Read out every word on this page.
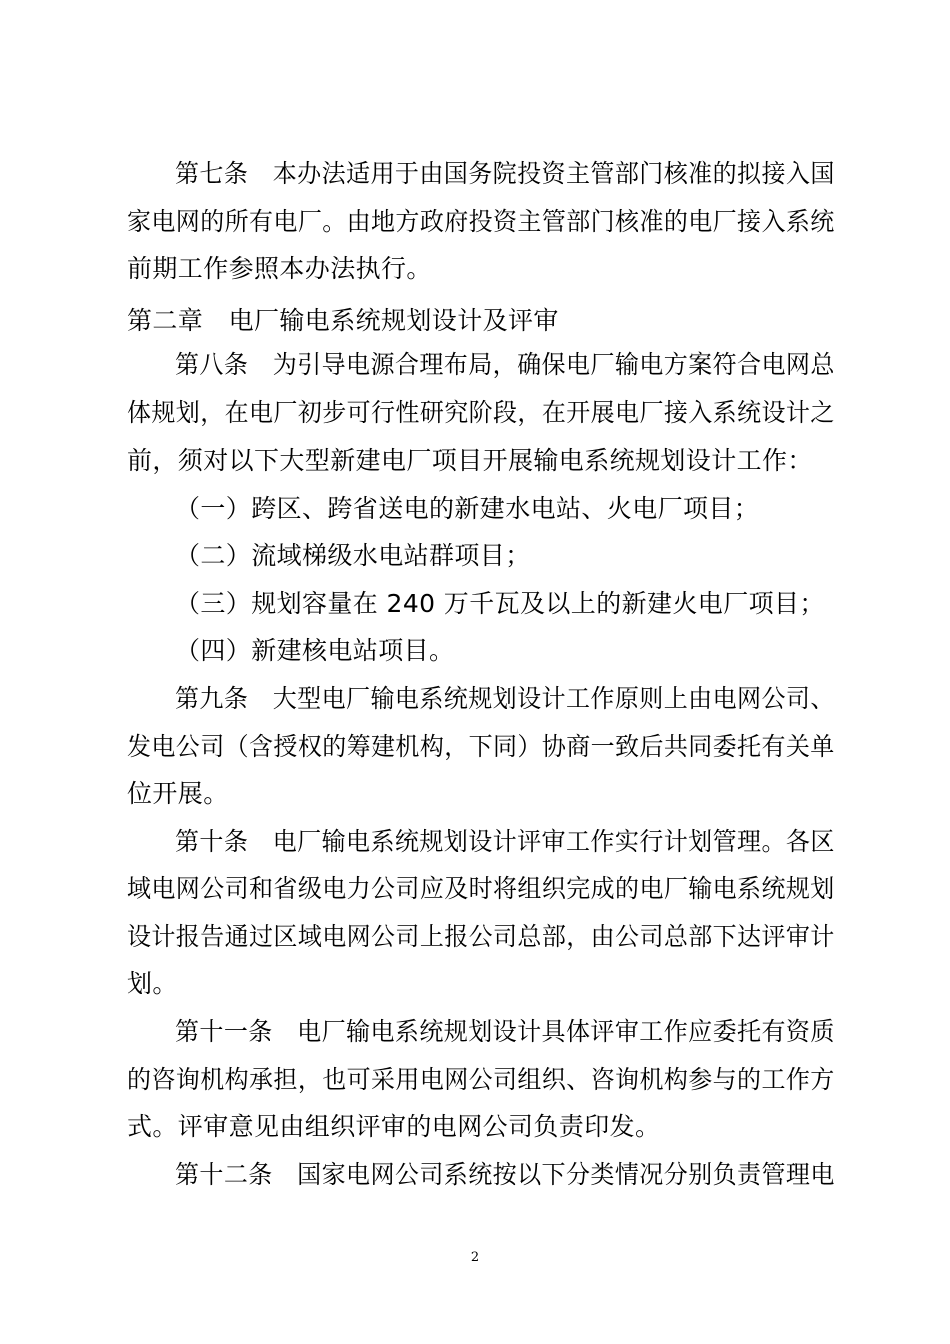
第七条　本办法适用于由国务院投资主管部门核准的拟接入国
家电网的所有电厂。由地方政府投资主管部门核准的电厂接入系统
前期工作参照本办法执行。
第二章　电厂输电系统规划设计及评审
第八条　为引导电源合理布局，确保电厂输电方案符合电网总
体规划，在电厂初步可行性研究阶段，在开展电厂接入系统设计之
前，须对以下大型新建电厂项目开展输电系统规划设计工作：
（一）跨区、跨省送电的新建水电站、火电厂项目；
（二）流域梯级水电站群项目；
（三）规划容量在 240 万千瓦及以上的新建火电厂项目；
（四）新建核电站项目。
第九条　大型电厂输电系统规划设计工作原则上由电网公司、
发电公司（含授权的筹建机构，下同）协商一致后共同委托有关单
位开展。
第十条　电厂输电系统规划设计评审工作实行计划管理。各区
域电网公司和省级电力公司应及时将组织完成的电厂输电系统规划
设计报告通过区域电网公司上报公司总部，由公司总部下达评审计
划。
第十一条　电厂输电系统规划设计具体评审工作应委托有资质
的咨询机构承担，也可采用电网公司组织、咨询机构参与的工作方
式。评审意见由组织评审的电网公司负责印发。
第十二条　国家电网公司系统按以下分类情况分别负责管理电
2
